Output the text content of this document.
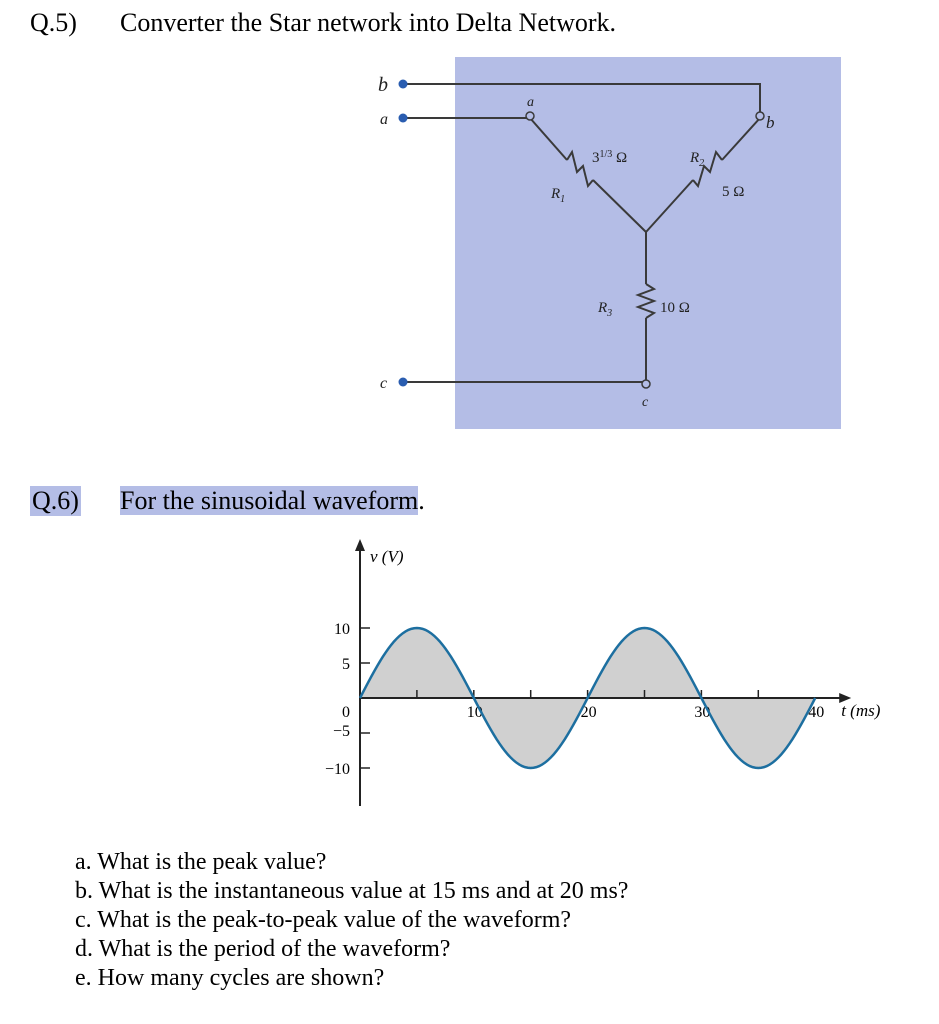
Q.5) Converter the Star network into Delta Network.
b
a
c
a
b
c
$R_1$
$R_2$
$R_3$
$3^{1/3}$ Ω
5 Ω
10 Ω
Q.6) For the sinusoidal waveform.
10	20	30	40
10
5
0
−5
−10
v (V)
t (ms)
a. What is the peak value?
b. What is the instantaneous value at 15 ms and at 20 ms?
c. What is the peak-to-peak value of the waveform?
d. What is the period of the waveform?
e. How many cycles are shown?
